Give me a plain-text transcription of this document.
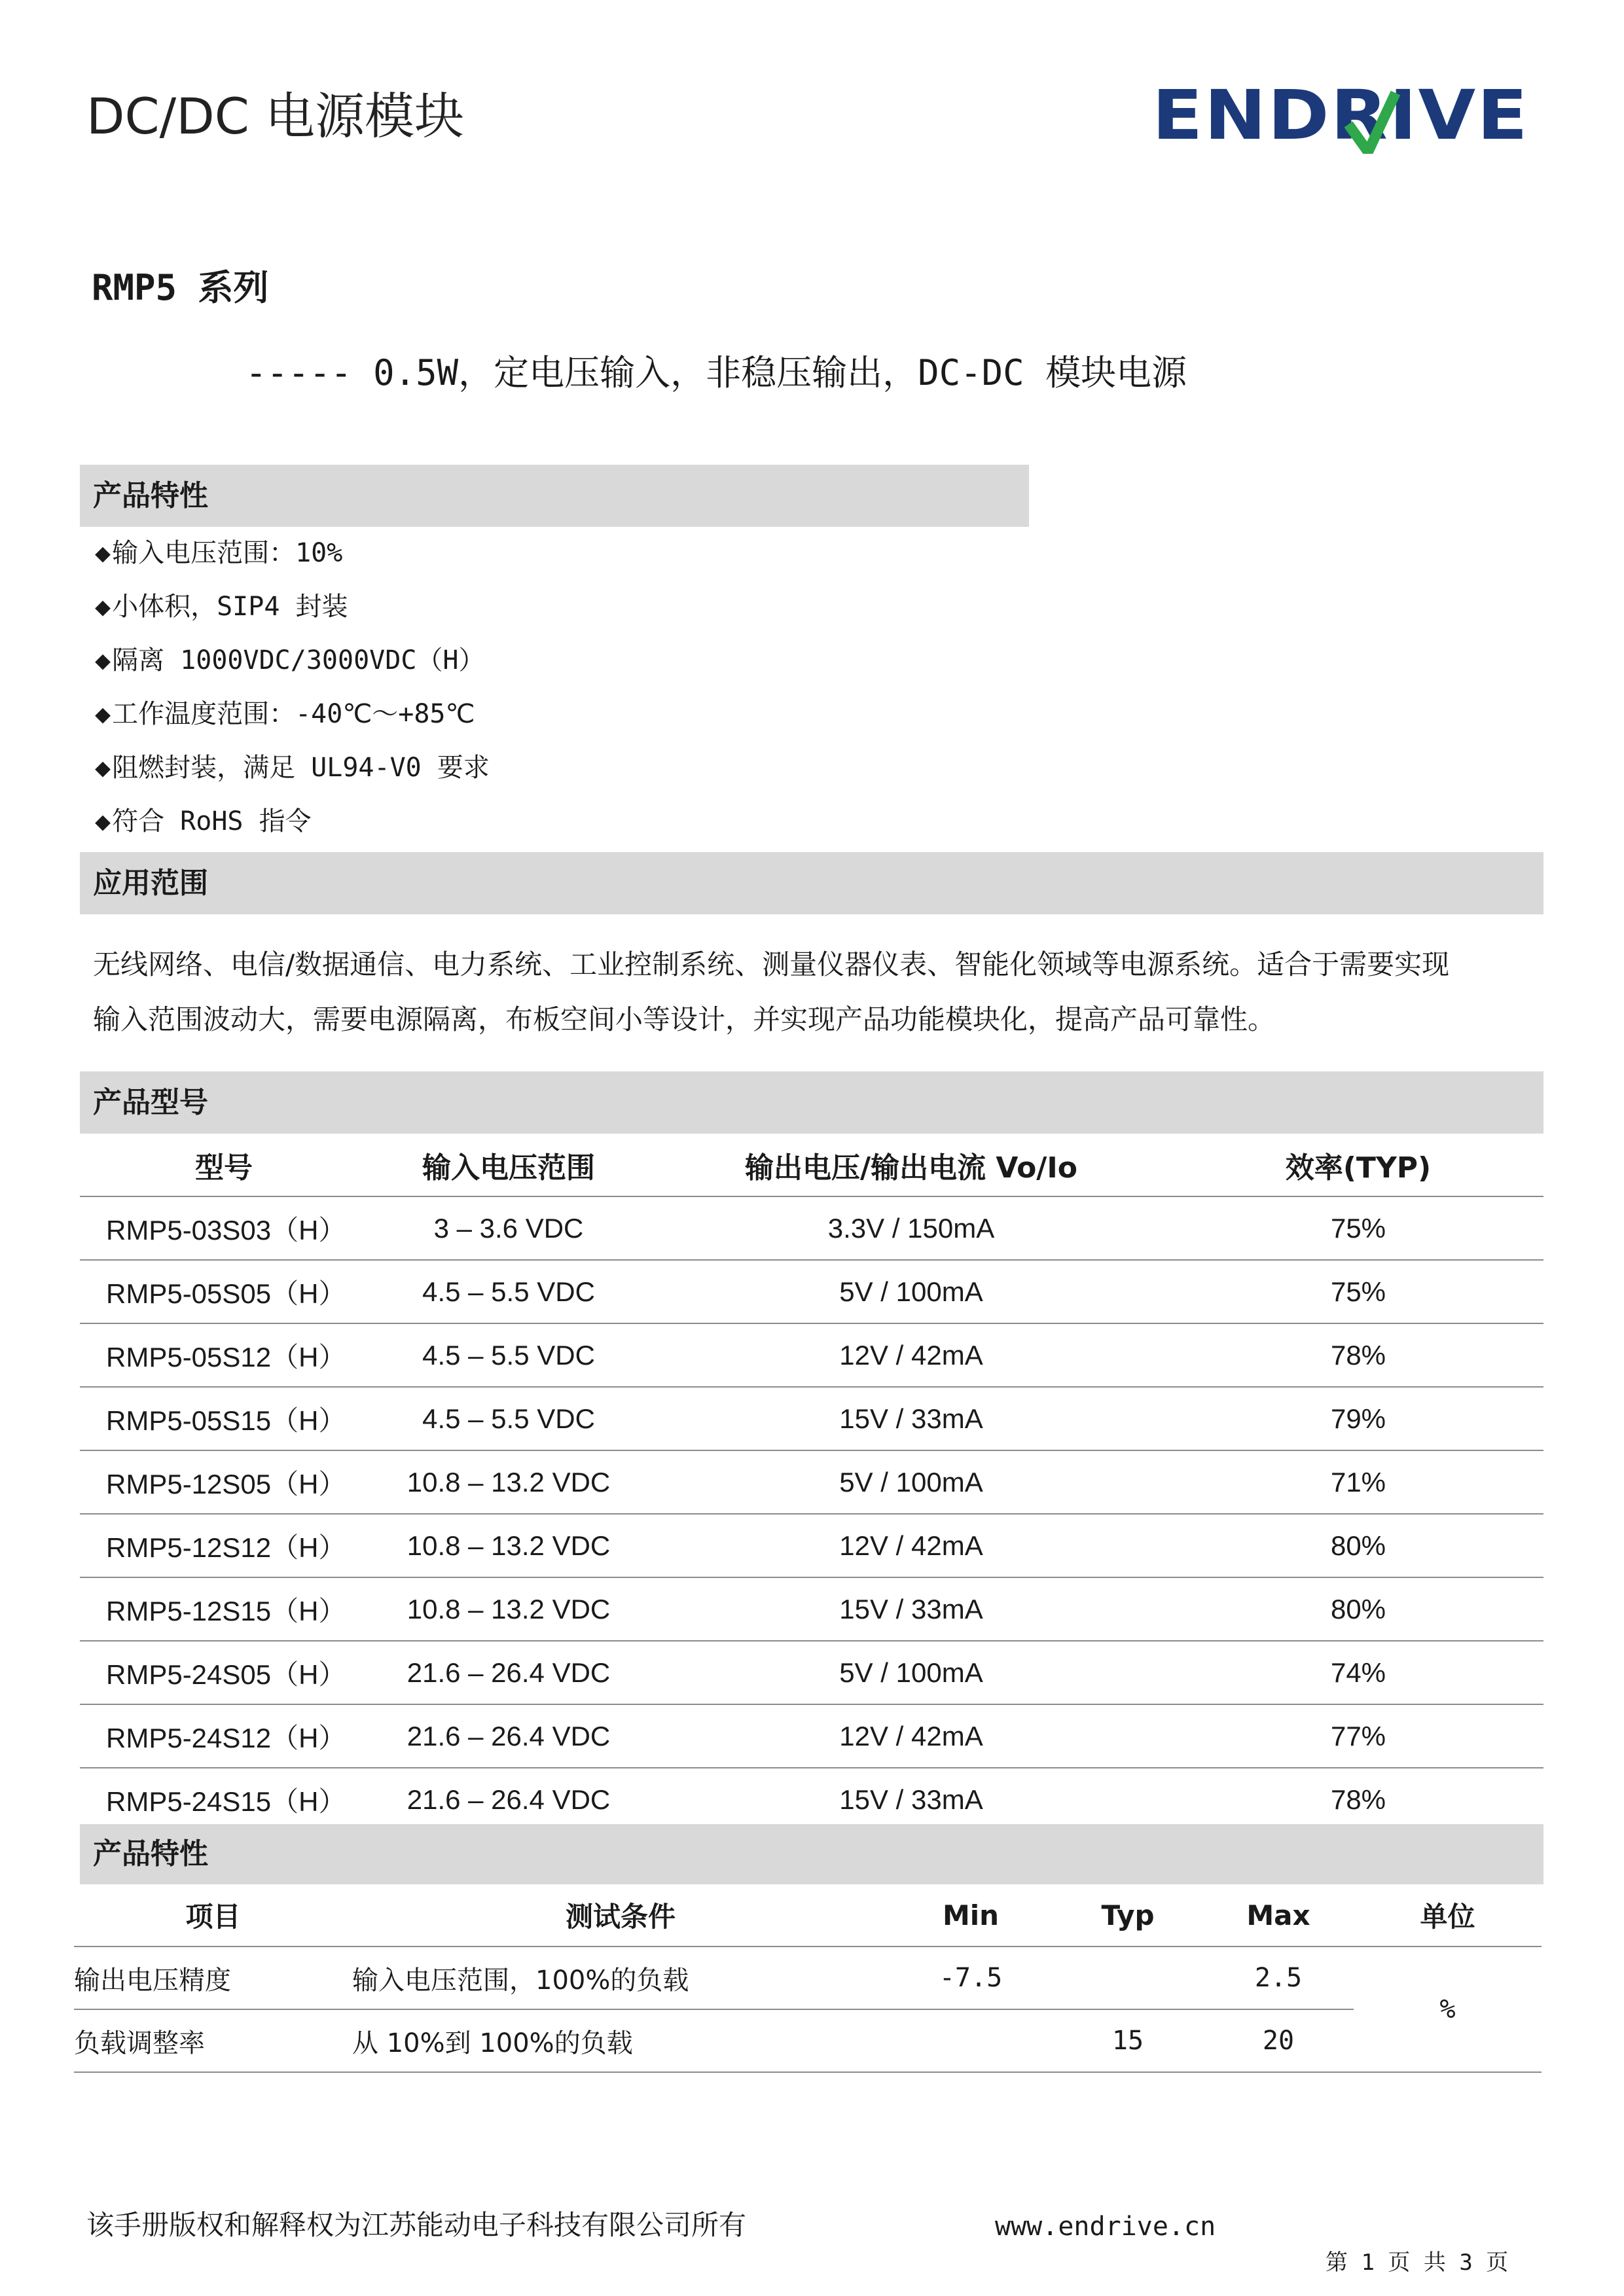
DC/DC 电源模块	ENDRIVE
RMP5 系列
----- 0.5W，定电压输入，非稳压输出，DC-DC 模块电源
产品特性
◆输入电压范围：10%
◆小体积，SIP4 封装
◆隔离 1000VDC/3000VDC（H）
◆工作温度范围：-40℃～+85℃
◆阻燃封装，满足 UL94-V0 要求
◆符合 RoHS 指令
应用范围
无线网络、电信/数据通信、电力系统、工业控制系统、测量仪器仪表、智能化领域等电源系统。适合于需要实现
输入范围波动大，需要电源隔离，布板空间小等设计，并实现产品功能模块化，提高产品可靠性。
产品型号
型号	输入电压范围	输出电压/输出电流 Vo/Io	效率(TYP)
RMP5-03S03（H）	3 – 3.6 VDC	3.3V / 150mA	75%
RMP5-05S05（H）	4.5 – 5.5 VDC	5V / 100mA	75%
RMP5-05S12（H）	4.5 – 5.5 VDC	12V / 42mA	78%
RMP5-05S15（H）	4.5 – 5.5 VDC	15V / 33mA	79%
RMP5-12S05（H）	10.8 – 13.2 VDC	5V / 100mA	71%
RMP5-12S12（H）	10.8 – 13.2 VDC	12V / 42mA	80%
RMP5-12S15（H）	10.8 – 13.2 VDC	15V / 33mA	80%
RMP5-24S05（H）	21.6 – 26.4 VDC	5V / 100mA	74%
RMP5-24S12（H）	21.6 – 26.4 VDC	12V / 42mA	77%
RMP5-24S15（H）	21.6 – 26.4 VDC	15V / 33mA	78%
产品特性
项目	测试条件	Min	Typ	Max	单位
输出电压精度	输入电压范围，100%的负载	-7.5		2.5	%
负载调整率	从 10%到 100%的负载		15	20	
该手册版权和解释权为江苏能动电子科技有限公司所有	www.endrive.cn
第 1 页 共 3 页
